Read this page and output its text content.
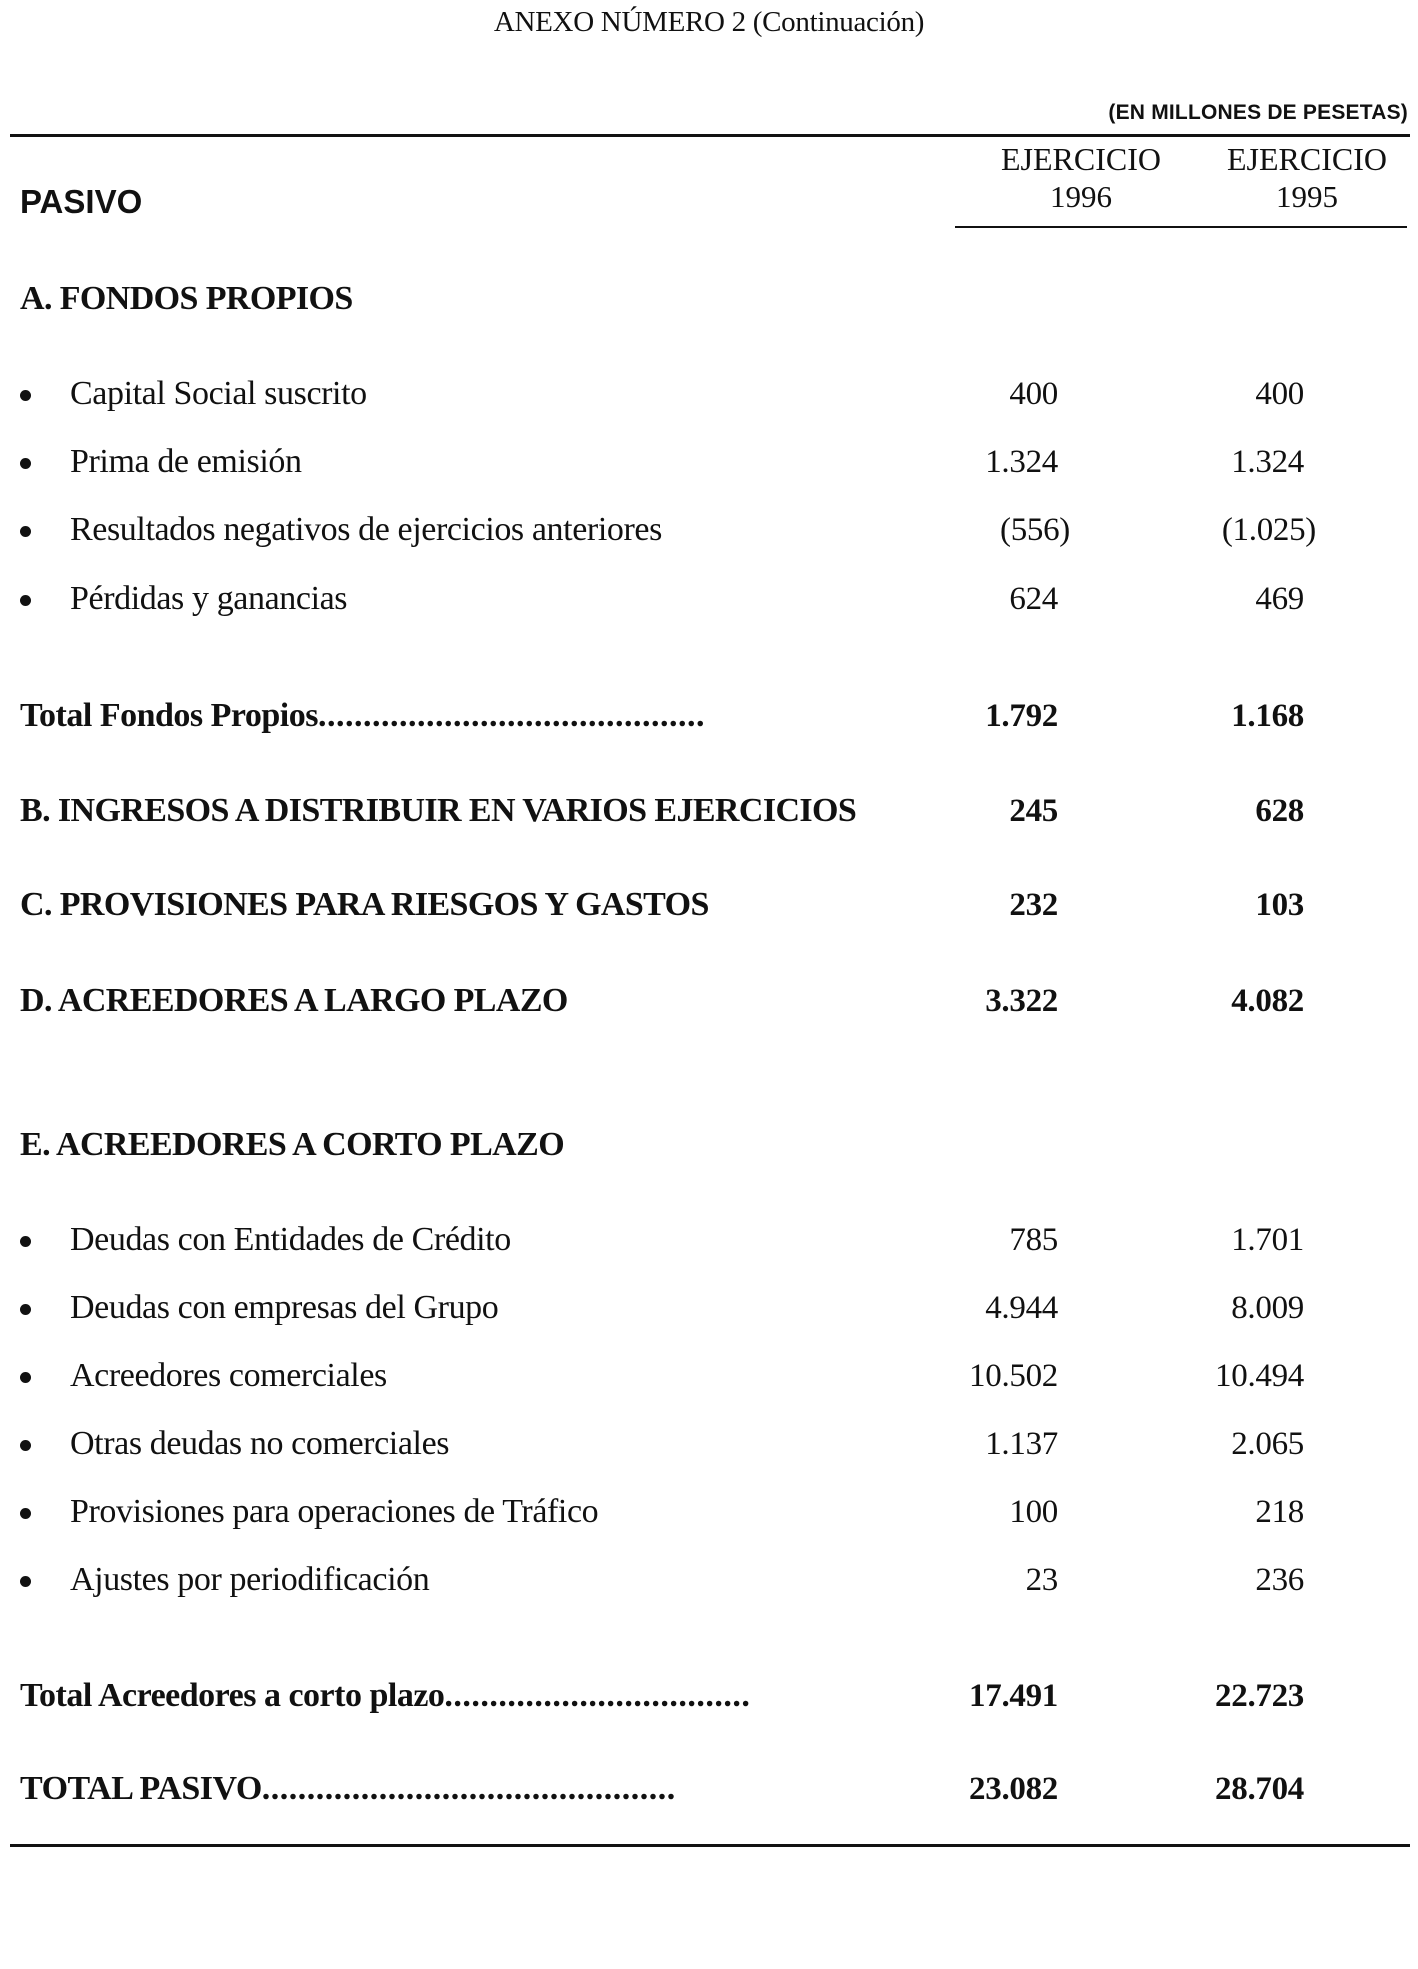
ANEXO NÚMERO 2 (Continuación)
(EN MILLONES DE PESETAS)
EJERCICIO
1996
EJERCICIO
1995
PASIVO
A. FONDOS PROPIOS
Capital Social suscrito	400	400
Prima de emisión	1.324	1.324
Resultados negativos de ejercicios anteriores	(556)	(1.025)
Pérdidas y ganancias	624	469
Total Fondos Propios...........................................	1.792	1.168
B. INGRESOS A DISTRIBUIR EN VARIOS EJERCICIOS	245	628
C. PROVISIONES PARA RIESGOS Y GASTOS	232	103
D. ACREEDORES A LARGO PLAZO	3.322	4.082
E. ACREEDORES A CORTO PLAZO
Deudas con Entidades de Crédito	785	1.701
Deudas con empresas del Grupo	4.944	8.009
Acreedores comerciales	10.502	10.494
Otras deudas no comerciales	1.137	2.065
Provisiones para operaciones de Tráfico	100	218
Ajustes por periodificación	23	236
Total Acreedores a corto plazo..................................	17.491	22.723
TOTAL PASIVO..............................................	23.082	28.704
